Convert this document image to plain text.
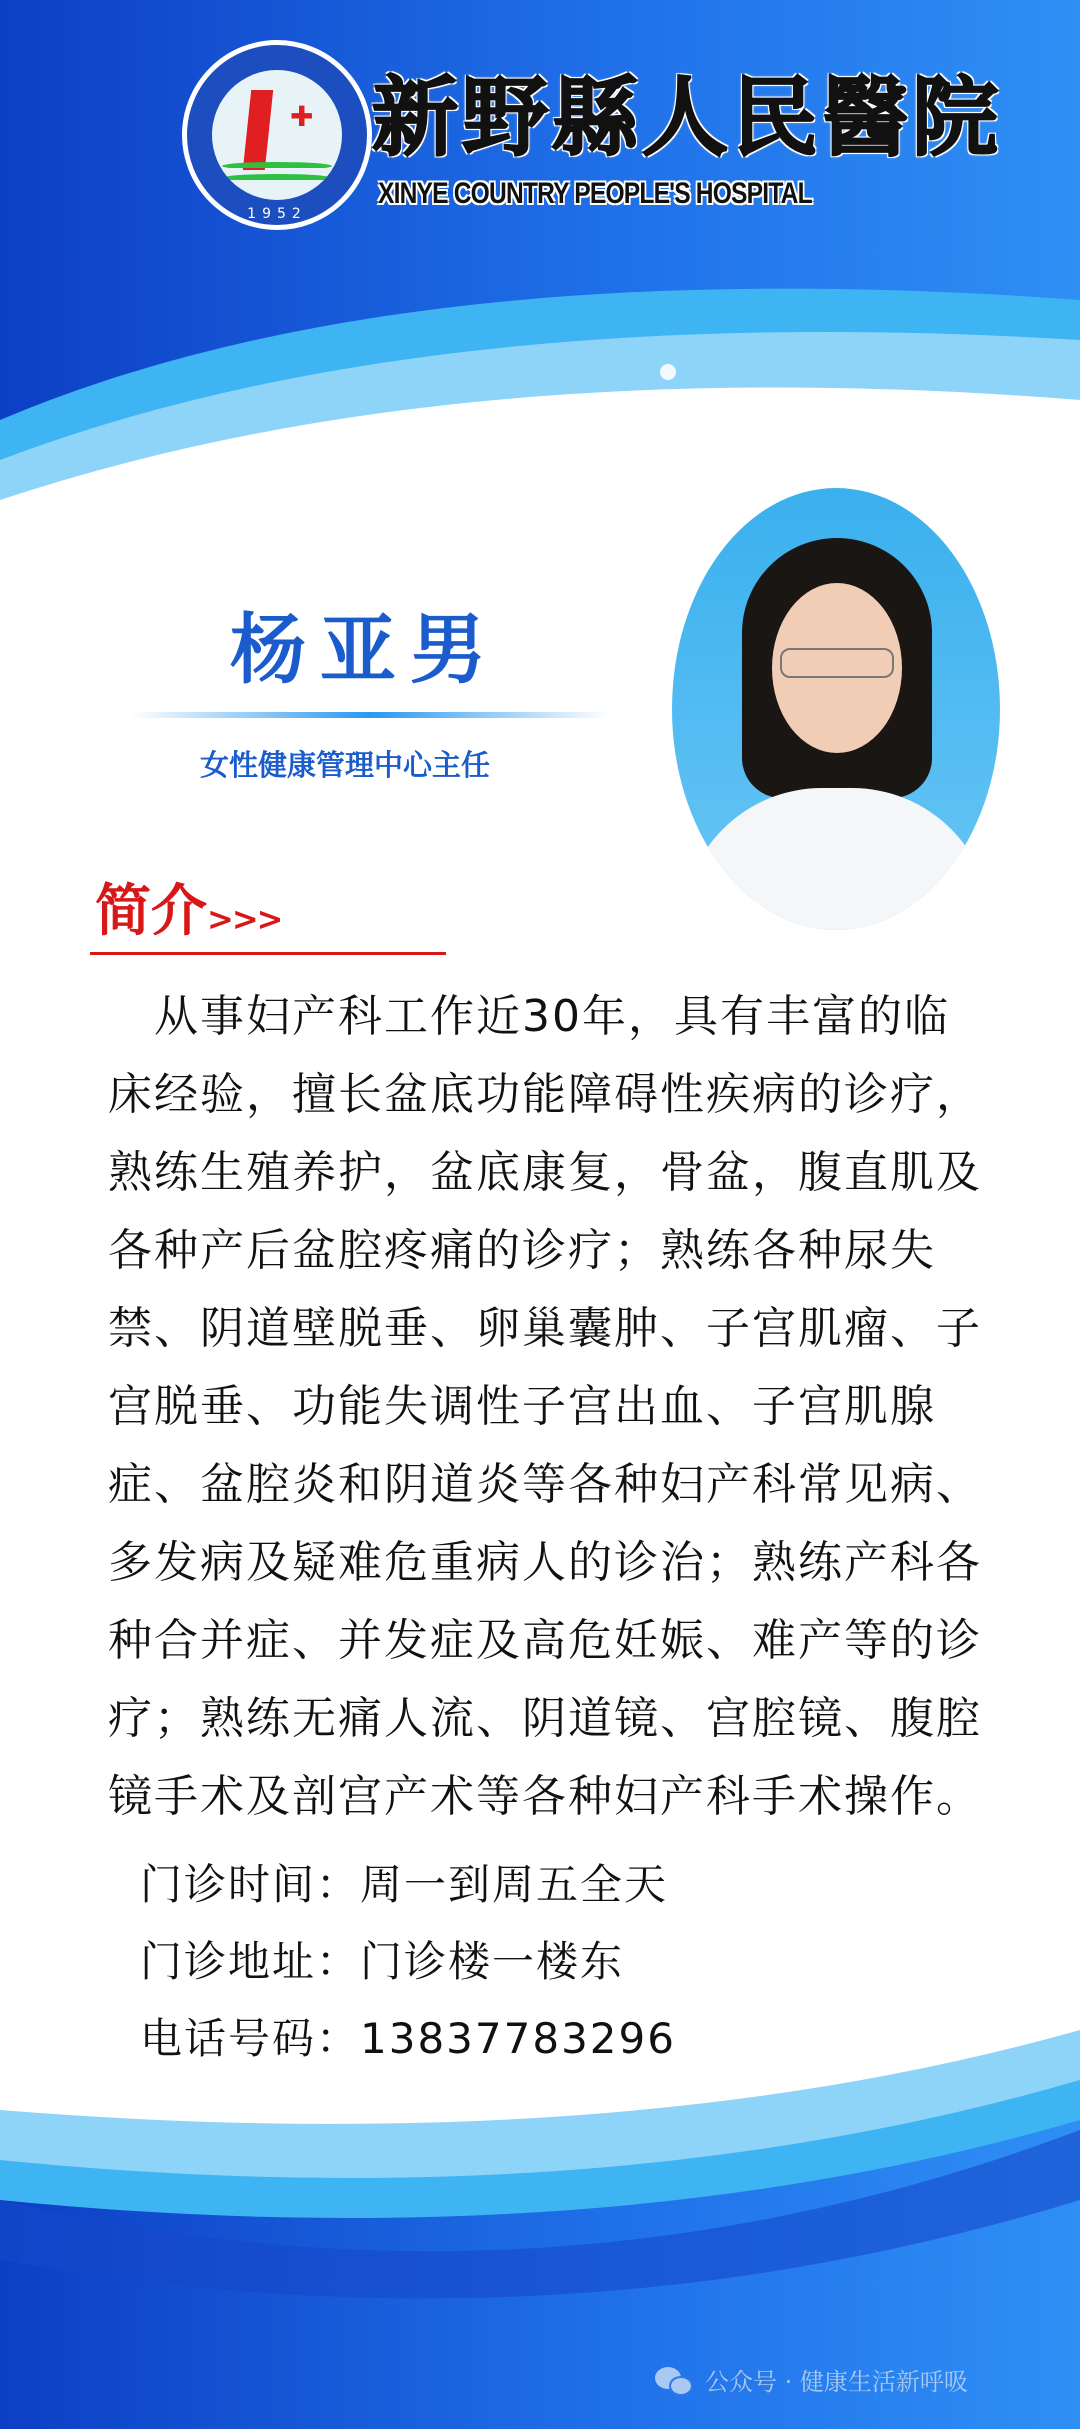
✚
1952
新野縣人民醫院
XINYE COUNTRY PEOPLE'S HOSPITAL
杨亚男
女性健康管理中心主任
简介>>>
　从事妇产科工作近30年，具有丰富的临
床经验，擅长盆底功能障碍性疾病的诊疗，
熟练生殖养护，盆底康复，骨盆，腹直肌及
各种产后盆腔疼痛的诊疗；熟练各种尿失
禁、阴道壁脱垂、卵巢囊肿、子宫肌瘤、子
宫脱垂、功能失调性子宫出血、子宫肌腺
症、盆腔炎和阴道炎等各种妇产科常见病、
多发病及疑难危重病人的诊治；熟练产科各
种合并症、并发症及高危妊娠、难产等的诊
疗；熟练无痛人流、阴道镜、宫腔镜、腹腔
镜手术及剖宫产术等各种妇产科手术操作。
门诊时间：周一到周五全天
门诊地址：门诊楼一楼东
电话号码：13837783296
公众号 · 健康生活新呼吸
